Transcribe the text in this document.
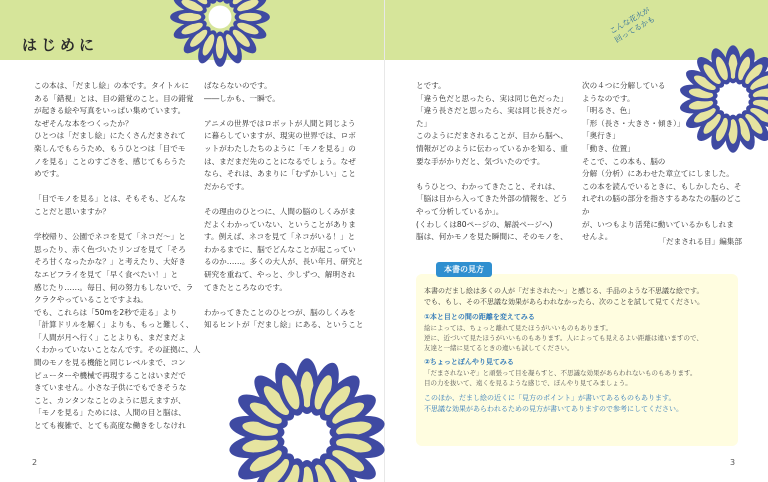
はじめに
この本は、「だまし絵」の本です。タイトルに
ある「錯視」とは、目の錯覚のこと。目の錯覚
が起きる絵や写真をいっぱい集めています。
なぜそんな本をつくったか？
ひとつは「だまし絵」にたくさんだまされて
楽しんでもらうため、もうひとつは「目でモ
ノを見る」ことのすごさを、感じてもらうた
めです。

「目でモノを見る」とは、そもそも、どんな
ことだと思いますか？

学校帰り、公園でネコを見て「ネコだ～」と
思ったり、赤く色づいたリンゴを見て「そろ
そろ甘くなったかな？」と考えたり、大好き
なエビフライを見て「早く食べたい！」と
感じたり……。毎日、何の努力もしないで、ラ
クラクやっていることですよね。
でも、これらは「50mを2秒で走る」より
「計算ドリルを解く」よりも、もっと難しく、
「人間が月へ行く」ことよりも、まだまだよ
くわかっていないことなんです。その証拠に、人
間のモノを見る機能と同じレベルまで、コン
ピューターや機械で再現することはいまだで
きていません。小さな子供にでもできそうな
こと、カンタンなことのように思えますが、
「モノを見る」ためには、人間の目と脳は、
とても複雑で、とても高度な働きをしなけれ
ばならないのです。
――しかも、一瞬で。

アニメの世界ではロボットが人間と同じよう
に暮らしていますが、現実の世界では、ロボ
ットがわたしたちのように「モノを見る」の
は、まだまだ先のことになるでしょう。なぜ
なら、それは、あまりに「むずかしい」こと
だからです。

その理由のひとつに、人間の脳のしくみがま
だよくわかっていない、ということがありま
す。例えば、ネコを見て「ネコがいる！」と
わかるまでに、脳でどんなことが起こってい
るのか……。多くの大人が、長い年月、研究と
研究を重ねて、やっと、少しずつ、解明され
てきたところなのです。

わかってきたことのひとつが、脳のしくみを
知るヒントが「だまし絵」にある、ということ
2
こんな花火が
回ってるかも
とです。
「違う色だと思ったら、実は同じ色だった」
「違う長さだと思ったら、実は同じ長さだった」
このようにだまされることが、目から脳へ、
情報がどのように伝わっているかを知る、重
要な手がかりだと、気づいたのです。

もうひとつ、わかってきたこと、それは、
「脳は目から入ってきた外部の情報を、どう
やって分析しているか」。
(くわしくは80ページの、解説ページへ)
脳は、何かモノを見た瞬間に、そのモノを、
次の４つに分解している
ようなのです。
「明るさ、色」
「形（長さ・大きさ・傾き）」
「奥行き」
「動き、位置」
そこで、この本も、脳の
分解（分析）にあわせた章立てにしました。
この本を読んでいるときに、もしかしたら、そ
れぞれの脳の部分を指さするあなたの脳のどこか
が、いつもより活発に動いているかもしれま
せんよ。
「だまされる目」編集部
本書の見方
本書のだまし絵は多くの人が「だまされた～」と感じる、手品のような不思議な絵です。
でも、もし、その不思議な効果があらわれなかったら、次のことを試して見てください。
①本と目との間の距離を変えてみる
絵によっては、ちょっと離れて見たほうがいいものもあります。
逆に、近づいて見たほうがいいものもあります。人によっても見えるよい距離は違いますので、
友達と一緒に見てるときの違いも試してください。
②ちょっとぼんやり見てみる
「だまされないぞ」と頑張って目を凝らすと、不思議な効果があらわれないものもあります。
目の力を抜いて、遠くを見るような感じで、ぼんやり見てみましょう。
このほか、だまし絵の近くに「見方のポイント」が書いてあるものもあります。
不思議な効果があらわれるための見方が書いてありますので参考にしてください。
3
